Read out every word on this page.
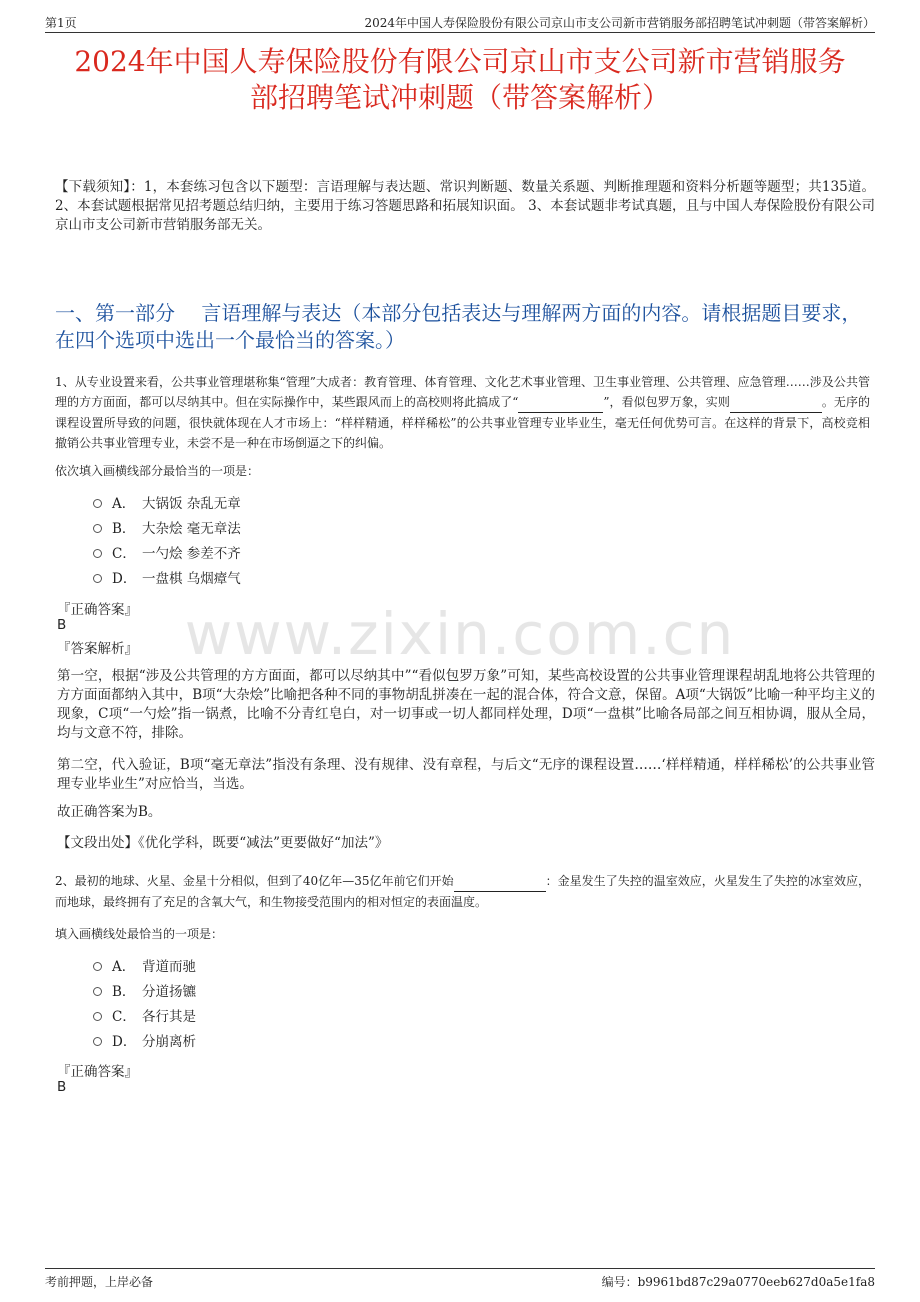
第1页	2024年中国人寿保险股份有限公司京山市支公司新市营销服务部招聘笔试冲刺题（带答案解析）
2024年中国人寿保险股份有限公司京山市支公司新市营销服务
部招聘笔试冲刺题（带答案解析）
【下载须知】：1，本套练习包含以下题型：言语理解与表达题、常识判断题、数量关系题、判断推理题和资料分析题等题型；共135道。 2、本套试题根据常见招考题总结归纳，主要用于练习答题思路和拓展知识面。 3、本套试题非考试真题，且与中国人寿保险股份有限公司京山市支公司新市营销服务部无关。
一、第一部分　 言语理解与表达（本部分包括表达与理解两方面的内容。请根据题目要求，在四个选项中选出一个最恰当的答案。）
www.zixin.com.cn
1、从专业设置来看，公共事业管理堪称集“管理”大成者：教育管理、体育管理、文化艺术事业管理、卫生事业管理、公共管理、应急管理……涉及公共管理的方方面面，都可以尽纳其中。但在实际操作中，某些跟风而上的高校则将此搞成了“	”，看似包罗万象，实则	。无序的课程设置所导致的问题，很快就体现在人才市场上：“样样精通，样样稀松”的公共事业管理专业毕业生，毫无任何优势可言。在这样的背景下，高校竞相撤销公共事业管理专业，未尝不是一种在市场倒逼之下的纠偏。
依次填入画横线部分最恰当的一项是：
A． 大锅饭 杂乱无章
B． 大杂烩 毫无章法
C． 一勺烩 参差不齐
D． 一盘棋 乌烟瘴气
『正确答案』
B
『答案解析』
第一空，根据“涉及公共管理的方方面面，都可以尽纳其中”“看似包罗万象”可知，某些高校设置的公共事业管理课程胡乱地将公共管理的方方面面都纳入其中，B项“大杂烩”比喻把各种不同的事物胡乱拼凑在一起的混合体，符合文意，保留。A项“大锅饭”比喻一种平均主义的现象，C项“一勺烩”指一锅煮，比喻不分青红皂白，对一切事或一切人都同样处理，D项“一盘棋”比喻各局部之间互相协调，服从全局，均与文意不符，排除。
第二空，代入验证，B项“毫无章法”指没有条理、没有规律、没有章程，与后文“无序的课程设置……‘样样精通，样样稀松’的公共事业管理专业毕业生”对应恰当，当选。
故正确答案为B。
【文段出处】《优化学科，既要“减法”更要做好“加法”》
2、最初的地球、火星、金星十分相似，但到了40亿年—35亿年前它们开始	：金星发生了失控的温室效应，火星发生了失控的冰室效应，而地球，最终拥有了充足的含氧大气，和生物接受范围内的相对恒定的表面温度。
填入画横线处最恰当的一项是：
A． 背道而驰
B． 分道扬镳
C． 各行其是
D． 分崩离析
『正确答案』
B
考前押题，上岸必备	编号：b9961bd87c29a0770eeb627d0a5e1fa8
